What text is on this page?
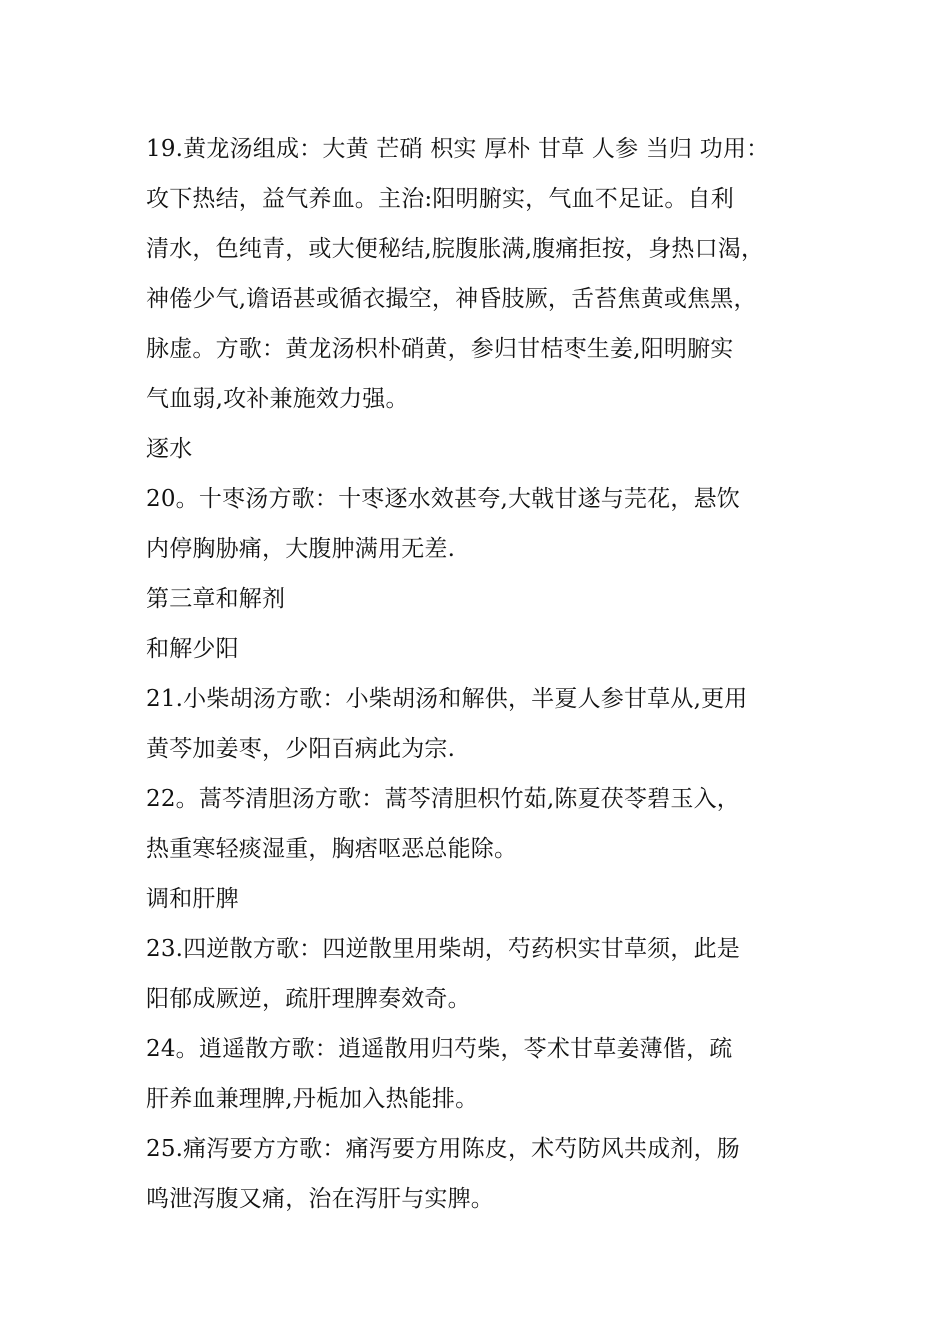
19.黄龙汤组成：大黄 芒硝 枳实 厚朴 甘草 人参 当归 功用：
攻下热结，益气养血。主治:阳明腑实，气血不足证。自利
清水，色纯青，或大便秘结,脘腹胀满,腹痛拒按，身热口渴，
神倦少气,谵语甚或循衣撮空，神昏肢厥，舌苔焦黄或焦黑，
脉虚。方歌：黄龙汤枳朴硝黄，参归甘桔枣生姜,阳明腑实
气血弱,攻补兼施效力强。
逐水
20。十枣汤方歌：十枣逐水效甚夸,大戟甘遂与芫花，悬饮
内停胸胁痛，大腹肿满用无差.
第三章和解剂
和解少阳
21.小柴胡汤方歌：小柴胡汤和解供，半夏人参甘草从,更用
黄芩加姜枣，少阳百病此为宗.
22。蒿芩清胆汤方歌：蒿芩清胆枳竹茹,陈夏茯苓碧玉入，
热重寒轻痰湿重，胸痞呕恶总能除。
调和肝脾
23.四逆散方歌：四逆散里用柴胡，芍药枳实甘草须，此是
阳郁成厥逆，疏肝理脾奏效奇。
24。逍遥散方歌：逍遥散用归芍柴，苓术甘草姜薄偕，疏
肝养血兼理脾,丹栀加入热能排。
25.痛泻要方方歌：痛泻要方用陈皮，术芍防风共成剂，肠
鸣泄泻腹又痛，治在泻肝与实脾。
